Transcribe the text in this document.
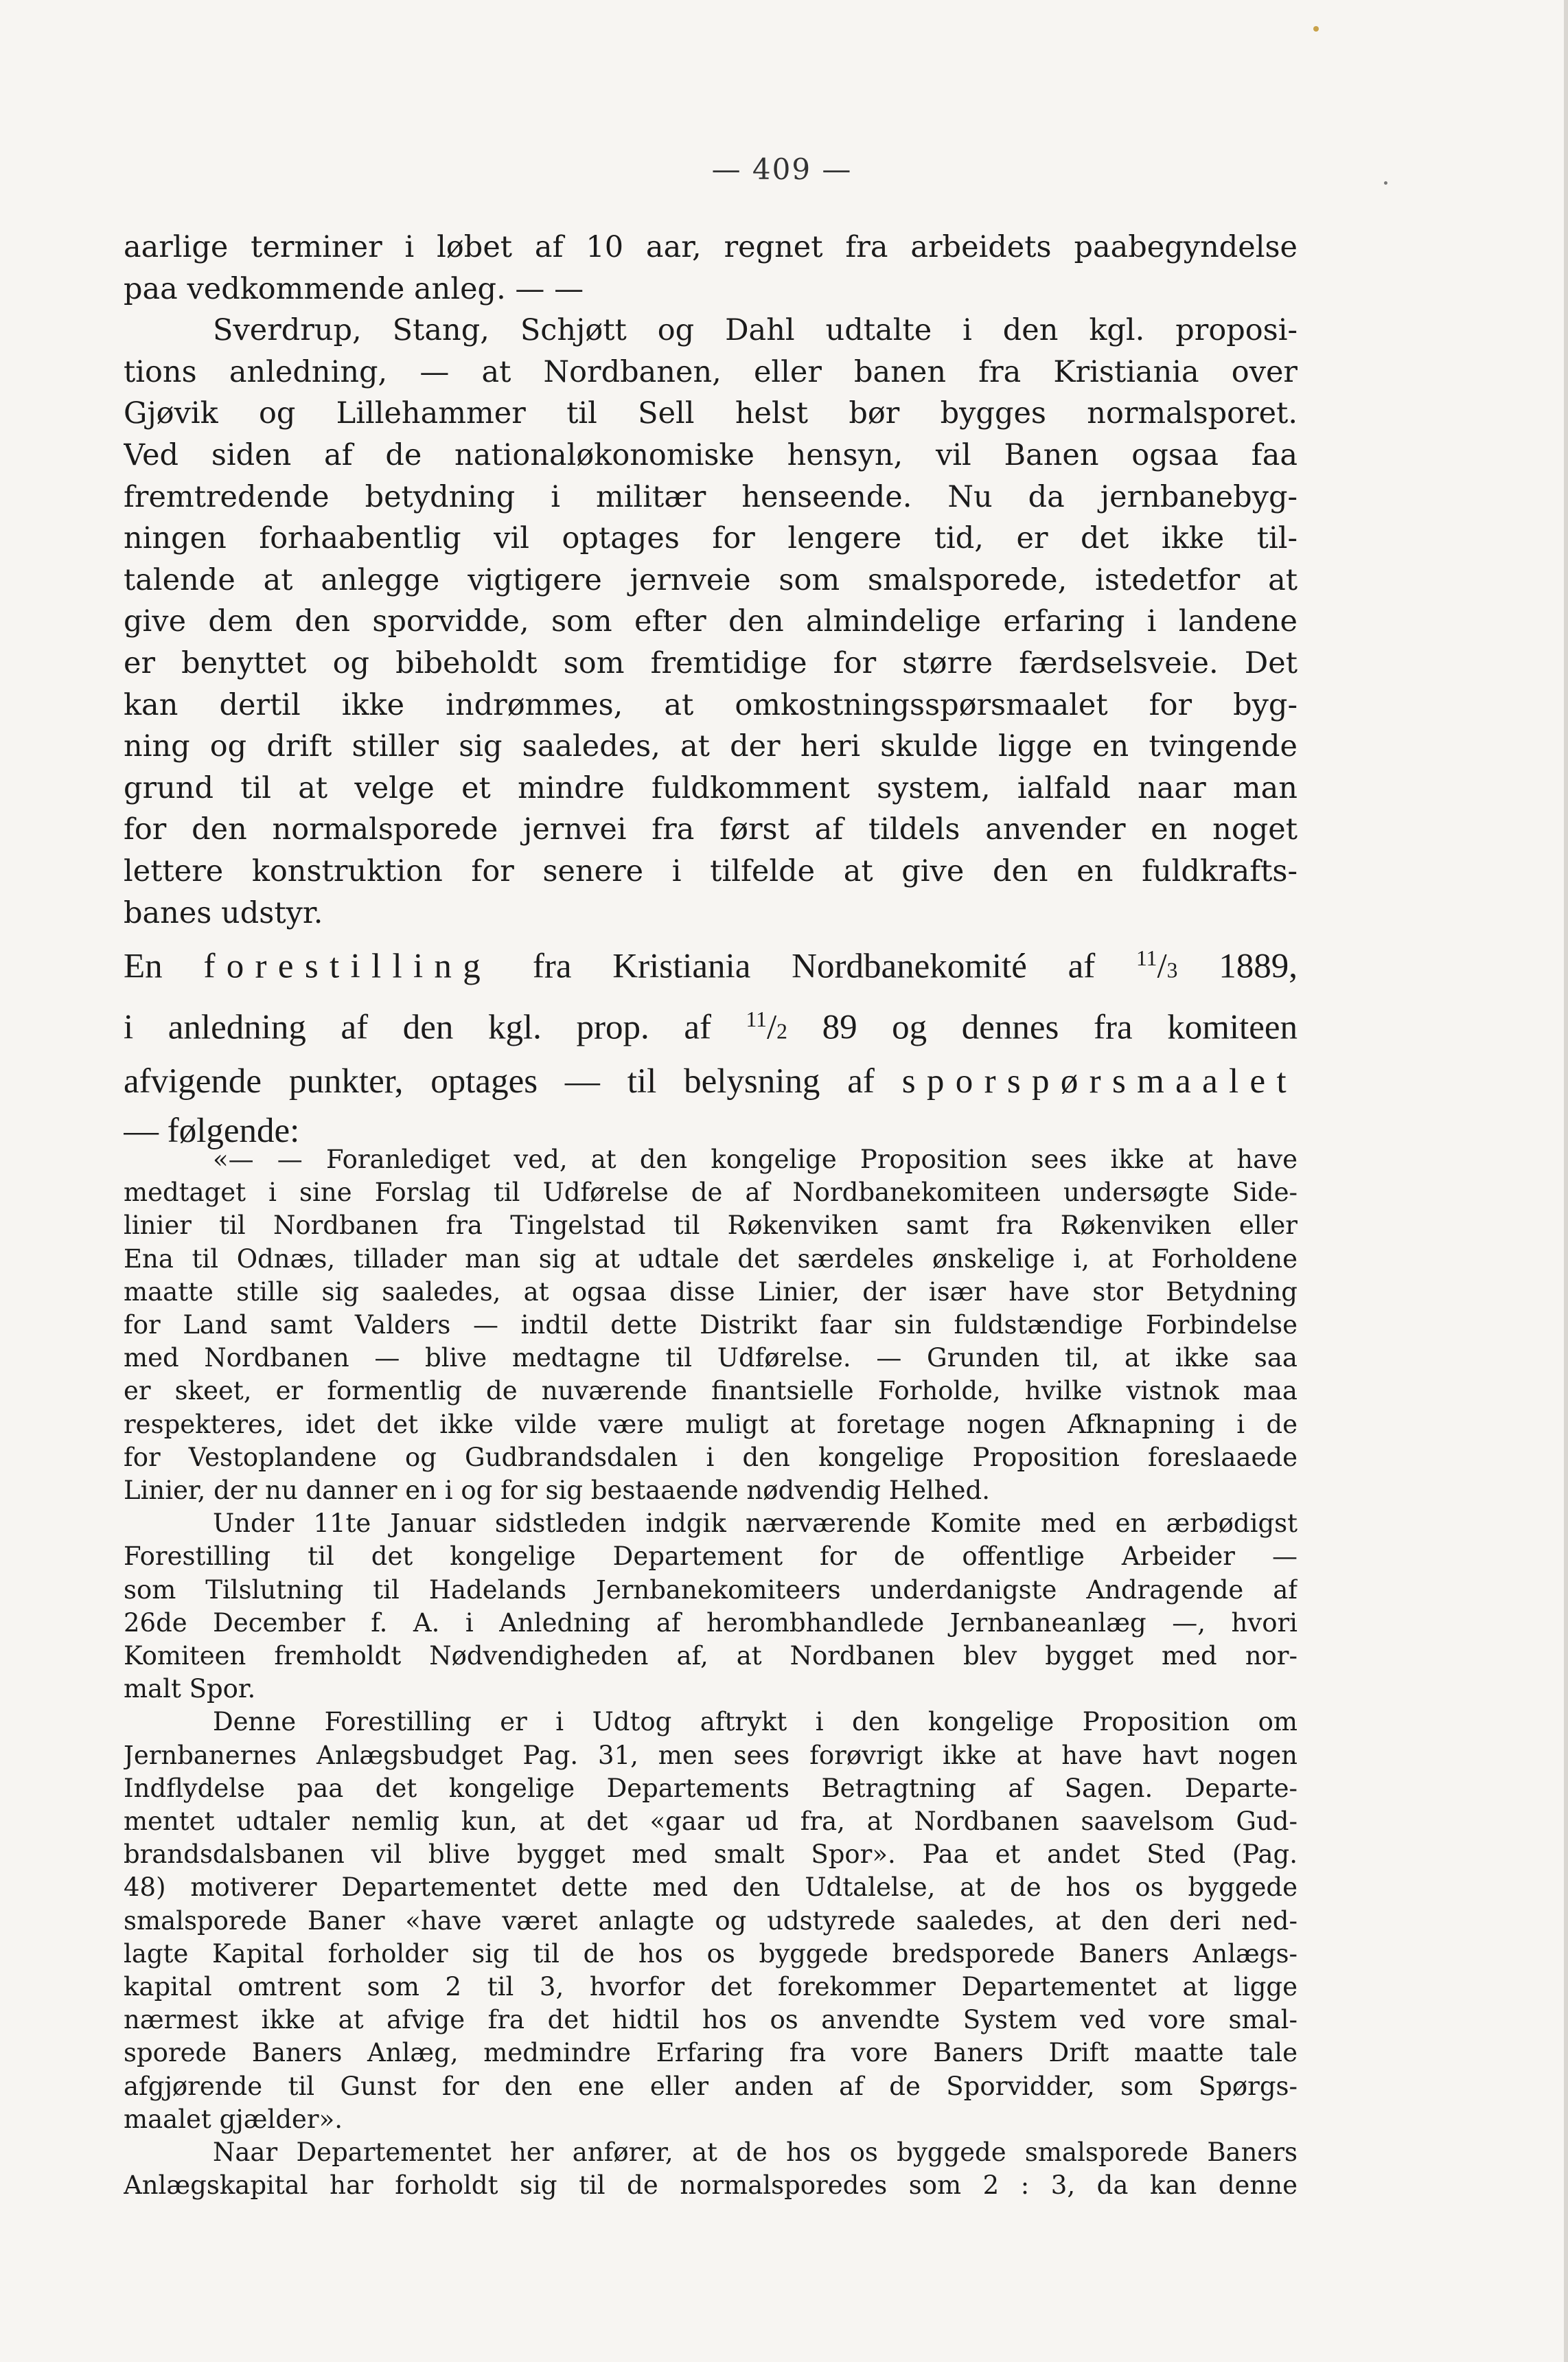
— 409 —
aarlige terminer i løbet af 10 aar, regnet fra arbeidets paabegyndelse
paa vedkommende anleg. — —
Sverdrup, Stang, Schjøtt og Dahl udtalte i den kgl. proposi-
tions anledning, — at Nordbanen, eller banen fra Kristiania over
Gjøvik og Lillehammer til Sell helst bør bygges normalsporet.
Ved siden af de nationaløkonomiske hensyn, vil Banen ogsaa faa
fremtredende betydning i militær henseende. Nu da jernbanebyg-
ningen forhaabentlig vil optages for lengere tid, er det ikke til-
talende at anlegge vigtigere jernveie som smalsporede, istedetfor at
give dem den sporvidde, som efter den almindelige erfaring i landene
er benyttet og bibeholdt som fremtidige for større færdselsveie. Det
kan dertil ikke indrømmes, at omkostningsspørsmaalet for byg-
ning og drift stiller sig saaledes, at der heri skulde ligge en tvingende
grund til at velge et mindre fuldkomment system, ialfald naar man
for den normalsporede jernvei fra først af tildels anvender en noget
lettere konstruktion for senere i tilfelde at give den en fuldkrafts-
banes udstyr.
En forestilling fra Kristiania Nordbanekomité af $^{11}$/3 1889,
i anledning af den kgl. prop. af $^{11}$/2 89 og dennes fra komiteen
afvigende punkter, optages — til belysning af sporspørsmaalet
— følgende:
«— — Foranlediget ved, at den kongelige Proposition sees ikke at have
medtaget i sine Forslag til Udførelse de af Nordbanekomiteen undersøgte Side-
linier til Nordbanen fra Tingelstad til Røkenviken samt fra Røkenviken eller
Ena til Odnæs, tillader man sig at udtale det særdeles ønskelige i, at Forholdene
maatte stille sig saaledes, at ogsaa disse Linier, der især have stor Betydning
for Land samt Valders — indtil dette Distrikt faar sin fuldstændige Forbindelse
med Nordbanen — blive medtagne til Udførelse. — Grunden til, at ikke saa
er skeet, er formentlig de nuværende finantsielle Forholde, hvilke vistnok maa
respekteres, idet det ikke vilde være muligt at foretage nogen Afknapning i de
for Vestoplandene og Gudbrandsdalen i den kongelige Proposition foreslaaede
Linier, der nu danner en i og for sig bestaaende nødvendig Helhed.
Under 11te Januar sidstleden indgik nærværende Komite med en ærbødigst
Forestilling til det kongelige Departement for de offentlige Arbeider —
som Tilslutning til Hadelands Jernbanekomiteers underdanigste Andragende af
26de December f. A. i Anledning af herombhandlede Jernbaneanlæg —, hvori
Komiteen fremholdt Nødvendigheden af, at Nordbanen blev bygget med nor-
malt Spor.
Denne Forestilling er i Udtog aftrykt i den kongelige Proposition om
Jernbanernes Anlægsbudget Pag. 31, men sees forøvrigt ikke at have havt nogen
Indflydelse paa det kongelige Departements Betragtning af Sagen. Departe-
mentet udtaler nemlig kun, at det «gaar ud fra, at Nordbanen saavelsom Gud-
brandsdalsbanen vil blive bygget med smalt Spor». Paa et andet Sted (Pag.
48) motiverer Departementet dette med den Udtalelse, at de hos os byggede
smalsporede Baner «have været anlagte og udstyrede saaledes, at den deri ned-
lagte Kapital forholder sig til de hos os byggede bredsporede Baners Anlægs-
kapital omtrent som 2 til 3, hvorfor det forekommer Departementet at ligge
nærmest ikke at afvige fra det hidtil hos os anvendte System ved vore smal-
sporede Baners Anlæg, medmindre Erfaring fra vore Baners Drift maatte tale
afgjørende til Gunst for den ene eller anden af de Sporvidder, som Spørgs-
maalet gjælder».
Naar Departementet her anfører, at de hos os byggede smalsporede Baners
Anlægskapital har forholdt sig til de normalsporedes som 2 : 3, da kan denne
